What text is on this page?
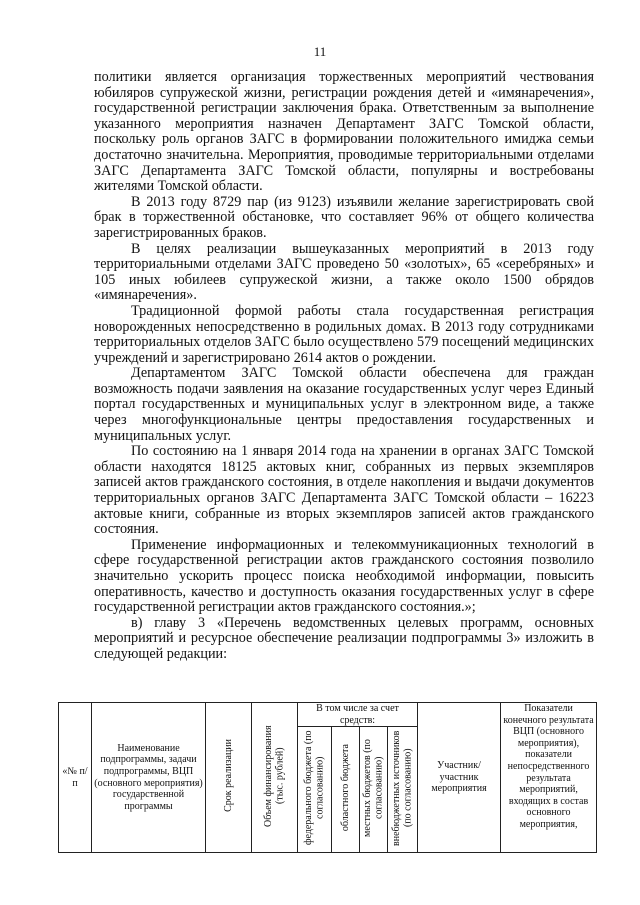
11

политики является организация торжественных мероприятий чествования юбиляров супружеской жизни, регистрации рождения детей и «имянаречения», государственной регистрации заключения брака. Ответственным за выполнение указанного мероприятия назначен Департамент ЗАГС Томской области, поскольку роль органов ЗАГС в формировании положительного имиджа семьи достаточно значительна. Мероприятия, проводимые территориальными отделами ЗАГС Департамента ЗАГС Томской области, популярны и востребованы жителями Томской области.

В 2013 году 8729 пар (из 9123) изъявили желание зарегистрировать свой брак в торжественной обстановке, что составляет 96% от общего количества зарегистрированных браков.

В целях реализации вышеуказанных мероприятий в 2013 году территориальными отделами ЗАГС проведено 50 «золотых», 65 «серебряных» и 105 иных юбилеев супружеской жизни, а также около 1500 обрядов «имянаречения».

Традиционной формой работы стала государственная регистрация новорожденных непосредственно в родильных домах. В 2013 году сотрудниками территориальных отделов ЗАГС было осуществлено 579 посещений медицинских учреждений и зарегистрировано 2614 актов о рождении.

Департаментом ЗАГС Томской области обеспечена для граждан возможность подачи заявления на оказание государственных услуг через Единый портал государственных и муниципальных услуг в электронном виде, а также через многофункциональные центры предоставления государственных и муниципальных услуг.

По состоянию на 1 января 2014 года на хранении в органах ЗАГС Томской области находятся 18125 актовых книг, собранных из первых экземпляров записей актов гражданского состояния, в отделе накопления и выдачи документов территориальных органов ЗАГС Департамента ЗАГС Томской области – 16223 актовые книги, собранные из вторых экземпляров записей актов гражданского состояния.

Применение информационных и телекоммуникационных технологий в сфере государственной регистрации актов гражданского состояния позволило значительно ускорить процесс поиска необходимой информации, повысить оперативность, качество и доступность оказания государственных услуг в сфере государственной регистрации актов гражданского состояния.»;

в) главу 3 «Перечень ведомственных целевых программ, основных мероприятий и ресурсное обеспечение реализации подпрограммы 3» изложить в следующей редакции:

«№ п/п	Наименование подпрограммы, задачи подпрограммы, ВЦП (основного мероприятия) государственной программы	Срок реализации	Объем финансирования (тыс. рублей)	В том числе за счет средств:				Участник/ участник мероприятия	Показатели конечного результата ВЦП (основного мероприятия), показатели непосредственного результата мероприятий, входящих в состав основного мероприятия,
				федерального бюджета (по согласованию)	областного бюджета	местных бюджетов (по согласованию)	внебюджетных источников (по согласованию)		
